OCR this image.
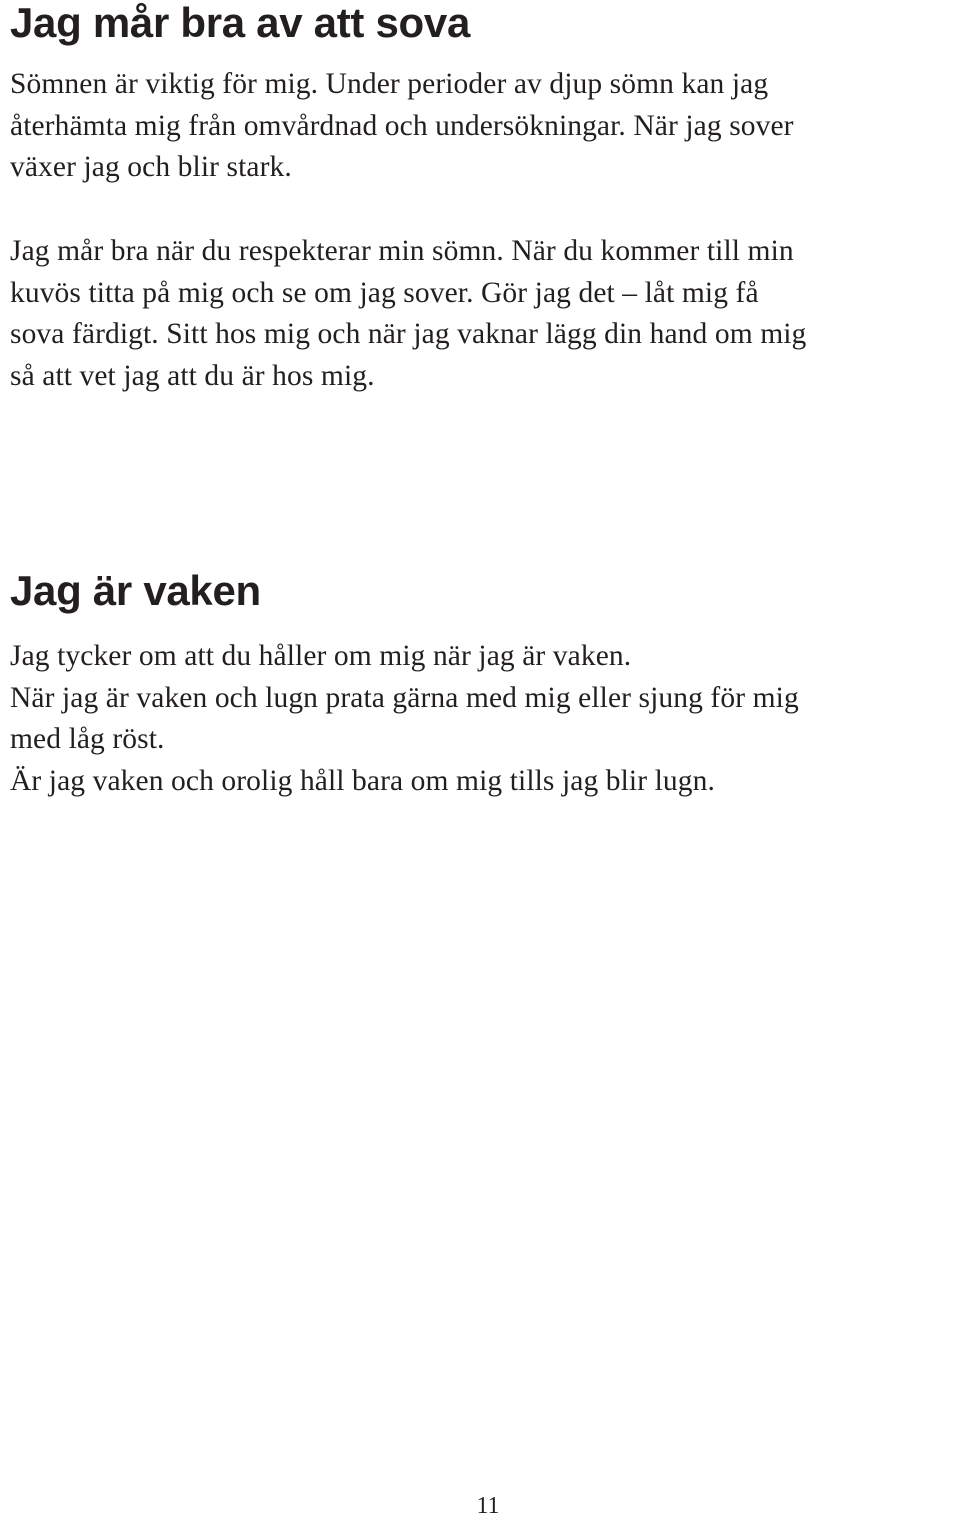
Jag mår bra av att sova

Sömnen är viktig för mig. Under perioder av djup sömn kan jag
återhämta mig från omvårdnad och undersökningar. När jag sover
växer jag och blir stark.

Jag mår bra när du respekterar min sömn. När du kommer till min
kuvös titta på mig och se om jag sover. Gör jag det – låt mig få
sova färdigt. Sitt hos mig och när jag vaknar lägg din hand om mig
så att vet jag att du är hos mig.

Jag är vaken

Jag tycker om att du håller om mig när jag är vaken.
När jag är vaken och lugn prata gärna med mig eller sjung för mig
med låg röst.
Är jag vaken och orolig håll bara om mig tills jag blir lugn.

11
